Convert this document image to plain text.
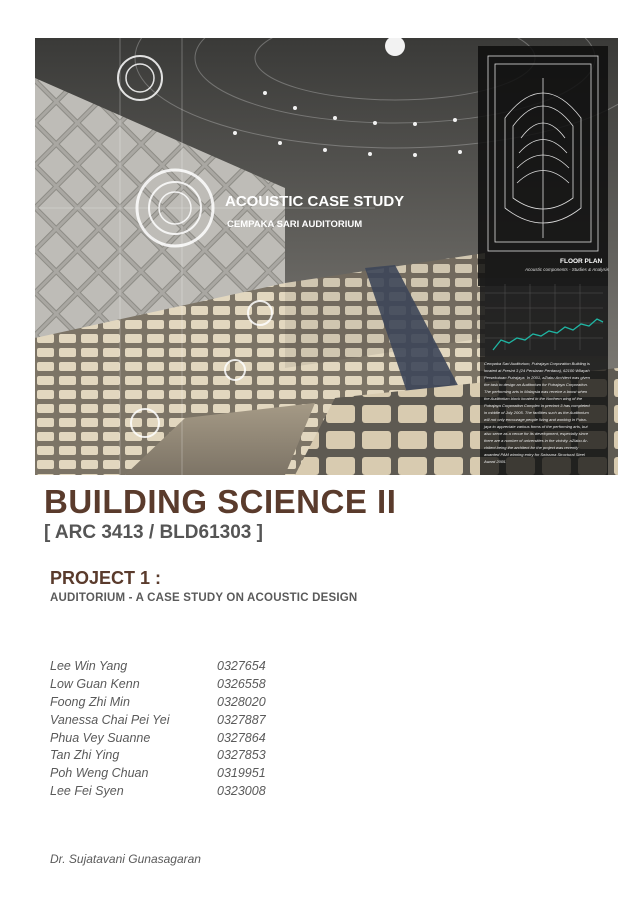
ACOUSTIC CASE STUDY
CEMPAKA SARI AUDITORIUM
FLOOR PLAN
Acoustic components - Studies & Analysis
Cempaka Sari Auditorium, Putrajaya Corporation Building is
located at Presint 3 (24 Persiaran Perdana), 62100 Wilayah
Persekutuan Putrajaya. In 2001, aZiabu Architect was given
the task to design an Auditorium for Putrajaya Corporation.
The performing arts in Malaysia was receive a boost when
the Auditorium block located in the Northern wing of the
Putrajaya Corporation Complex in precinct 3 has completed
in middle of July 2005. The facilities such as the Auditorium
will not only encourage people living and working in Putra-
jaya to appreciate various forms of the performing arts, but
also serve as a venue for its development, especially since
there are a number of universities in the vicinity. aZiabu Ar-
chitect being the architect for the project was recently
awarded PAM winning entry for Swissma Structural Steel
Award 2005.
BUILDING SCIENCE II
[ ARC 3413 / BLD61303 ]
PROJECT 1 :
AUDITORIUM - A CASE STUDY ON ACOUSTIC DESIGN
Lee Win Yang	0327654
Low Guan Kenn	0326558
Foong Zhi Min	0328020
Vanessa Chai Pei Yei	0327887
Phua Vey Suanne	0327864
Tan Zhi Ying	0327853
Poh Weng Chuan	0319951
Lee Fei Syen	0323008
Dr. Sujatavani Gunasagaran
